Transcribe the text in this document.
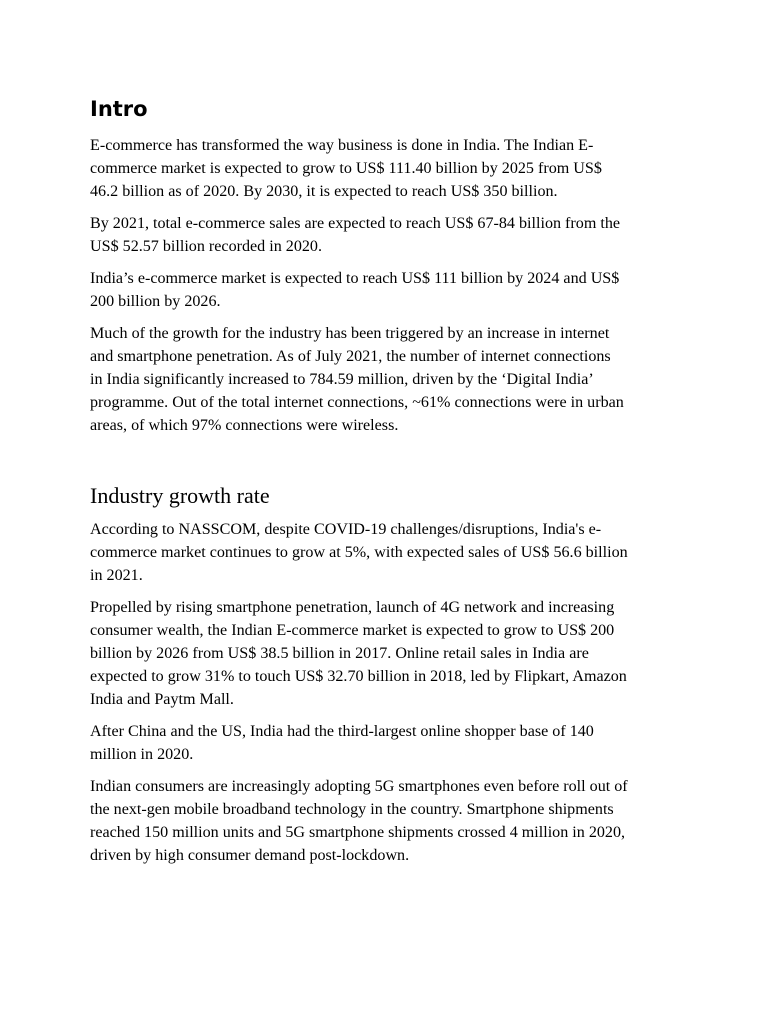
Intro

E-commerce has transformed the way business is done in India. The Indian E-
commerce market is expected to grow to US$ 111.40 billion by 2025 from US$
46.2 billion as of 2020. By 2030, it is expected to reach US$ 350 billion.

By 2021, total e-commerce sales are expected to reach US$ 67-84 billion from the
US$ 52.57 billion recorded in 2020.

India’s e-commerce market is expected to reach US$ 111 billion by 2024 and US$
200 billion by 2026.

Much of the growth for the industry has been triggered by an increase in internet
and smartphone penetration. As of July 2021, the number of internet connections
in India significantly increased to 784.59 million, driven by the ‘Digital India’
programme. Out of the total internet connections, ~61% connections were in urban
areas, of which 97% connections were wireless.

Industry growth rate

According to NASSCOM, despite COVID-19 challenges/disruptions, India's e-
commerce market continues to grow at 5%, with expected sales of US$ 56.6 billion
in 2021.

Propelled by rising smartphone penetration, launch of 4G network and increasing
consumer wealth, the Indian E-commerce market is expected to grow to US$ 200
billion by 2026 from US$ 38.5 billion in 2017. Online retail sales in India are
expected to grow 31% to touch US$ 32.70 billion in 2018, led by Flipkart, Amazon
India and Paytm Mall.

After China and the US, India had the third-largest online shopper base of 140
million in 2020.

Indian consumers are increasingly adopting 5G smartphones even before roll out of
the next-gen mobile broadband technology in the country. Smartphone shipments
reached 150 million units and 5G smartphone shipments crossed 4 million in 2020,
driven by high consumer demand post-lockdown.
